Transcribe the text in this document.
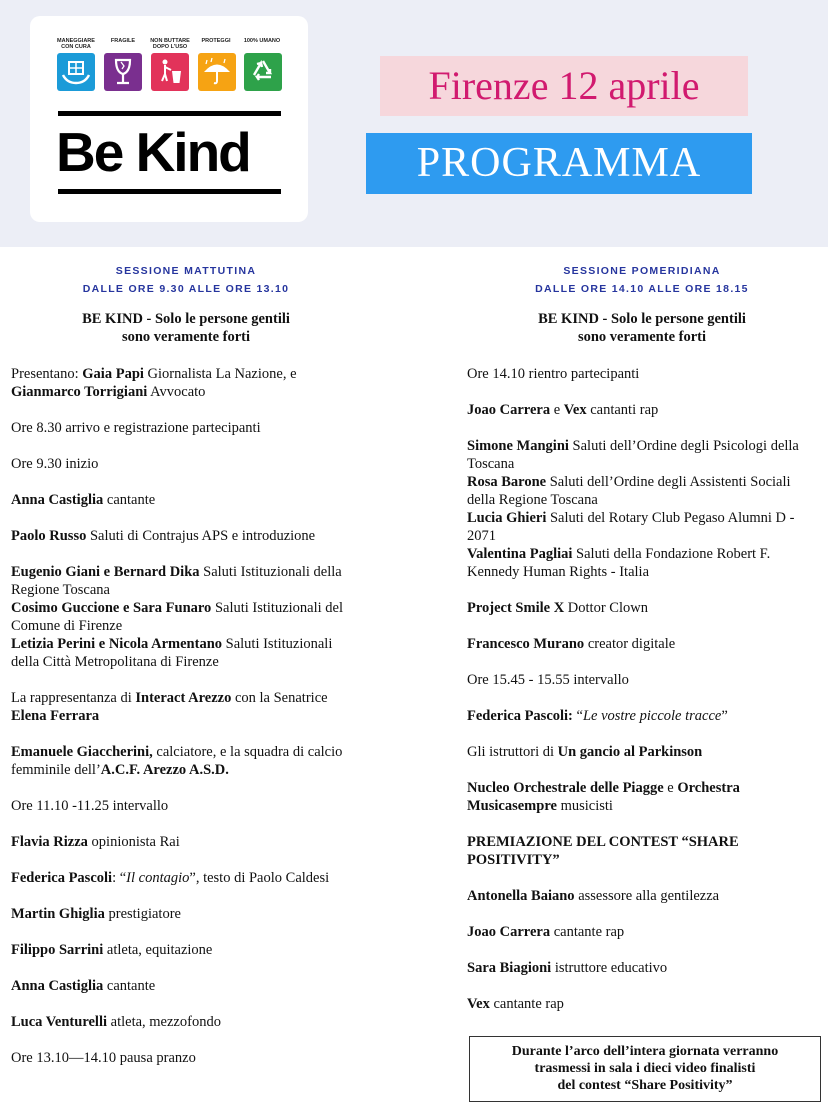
MANEGGIARE CON CURA
FRAGILE	NON BUTTARE DOPO L'USO
PROTEGGI	100% UMANO
Be Kind
Firenze 12 aprile
PROGRAMMA
SESSIONE MATTUTINA
DALLE ORE 9.30 ALLE ORE 13.10
BE KIND - Solo le persone gentili
sono veramente forti

Presentano: Gaia Papi Giornalista La Nazione, e Gianmarco Torrigiani Avvocato

Ore 8.30 arrivo e registrazione partecipanti

Ore 9.30 inizio

Anna Castiglia cantante

Paolo Russo Saluti di Contrajus APS e introduzione

Eugenio Giani e Bernard Dika Saluti Istituzionali della Regione Toscana

Cosimo Guccione e Sara Funaro Saluti Istituzionali del Comune di Firenze

Letizia Perini e Nicola Armentano Saluti Istituzionali della Città Metropolitana di Firenze

La rappresentanza di Interact Arezzo con la Senatrice Elena Ferrara

Emanuele Giaccherini, calciatore, e la squadra di calcio femminile dell’A.C.F. Arezzo A.S.D.

Ore 11.10 -11.25 intervallo

Flavia Rizza opinionista Rai

Federica Pascoli: “Il contagio”, testo di Paolo Caldesi

Martin Ghiglia prestigiatore

Filippo Sarrini atleta, equitazione

Anna Castiglia cantante

Luca Venturelli atleta, mezzofondo

Ore 13.10—14.10 pausa pranzo

SESSIONE POMERIDIANA
DALLE ORE 14.10 ALLE ORE 18.15
BE KIND - Solo le persone gentili
sono veramente forti

Ore 14.10 rientro partecipanti

Joao Carrera e Vex cantanti rap

Simone Mangini Saluti dell’Ordine degli Psicologi della Toscana

Rosa Barone Saluti dell’Ordine degli Assistenti Sociali della Regione Toscana

Lucia Ghieri Saluti del Rotary Club Pegaso Alumni D - 2071

Valentina Pagliai Saluti della Fondazione Robert F. Kennedy Human Rights - Italia

Project Smile X Dottor Clown

Francesco Murano creator digitale

Ore 15.45 - 15.55 intervallo

Federica Pascoli: “Le vostre piccole tracce”

Gli istruttori di Un gancio al Parkinson

Nucleo Orchestrale delle Piagge e Orchestra Musicasempre musicisti

PREMIAZIONE DEL CONTEST “SHARE POSITIVITY”

Antonella Baiano assessore alla gentilezza

Joao Carrera cantante rap

Sara Biagioni istruttore educativo

Vex cantante rap

Durante l’arco dell’intera giornata verranno
trasmessi in sala i dieci video finalisti
del contest “Share Positivity”
